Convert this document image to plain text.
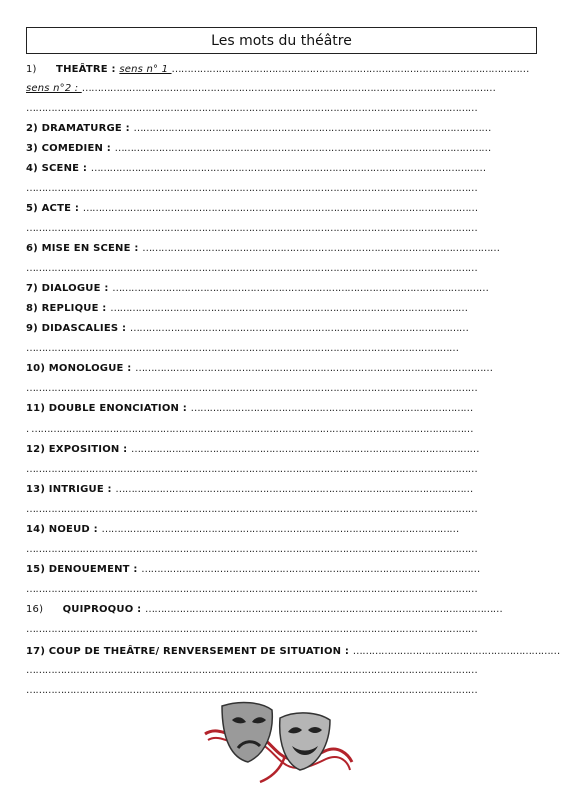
Les mots du théâtre
1) THEÂTRE : sens n° 1 ……………………………………………………………………………………………………
sens n°2 : ……………………………………………………………………………………………………………………
………………………………………………………………………………………………………………………………
2) DRAMATURGE : ……………………………………………………………………………………………………
3) COMEDIEN : …………………………………………………………………………………………………………
4) SCENE : ………………………………………………………………………………………………………………
………………………………………………………………………………………………………………………………
5) ACTE : ………………………………………………………………………………………………………………
………………………………………………………………………………………………………………………………
6) MISE EN SCENE : ……………………………………………………………………………………………………
………………………………………………………………………………………………………………………………
7) DIALOGUE : …………………………………………………………………………………………………………
8) REPLIQUE : ……………………………………………………………………………………………………
9) DIDASCALIES : ………………………………………………………………………………………………
…………………………………………………………………………………………………………………………
10) MONOLOGUE : ……………………………………………………………………………………………………
………………………………………………………………………………………………………………………………
11) DOUBLE ENONCIATION : ………………………………………………………………………………
. ……………………………………………………………………………………………………………………………
12) EXPOSITION : …………………………………………………………………………………………………
………………………………………………………………………………………………………………………………
13) INTRIGUE : ……………………………………………………………………………………………………
………………………………………………………………………………………………………………………………
14) NOEUD : ……………………………………………………………………………………………………
………………………………………………………………………………………………………………………………
15) DENOUEMENT : ………………………………………………………………………………………………
………………………………………………………………………………………………………………………………
16) QUIPROQUO : ……………………………………………………………………………………………………
………………………………………………………………………………………………………………………………
17) COUP DE THEÂTRE/ RENVERSEMENT DE SITUATION : …………………………………………………………
………………………………………………………………………………………………………………………………
………………………………………………………………………………………………………………………………
